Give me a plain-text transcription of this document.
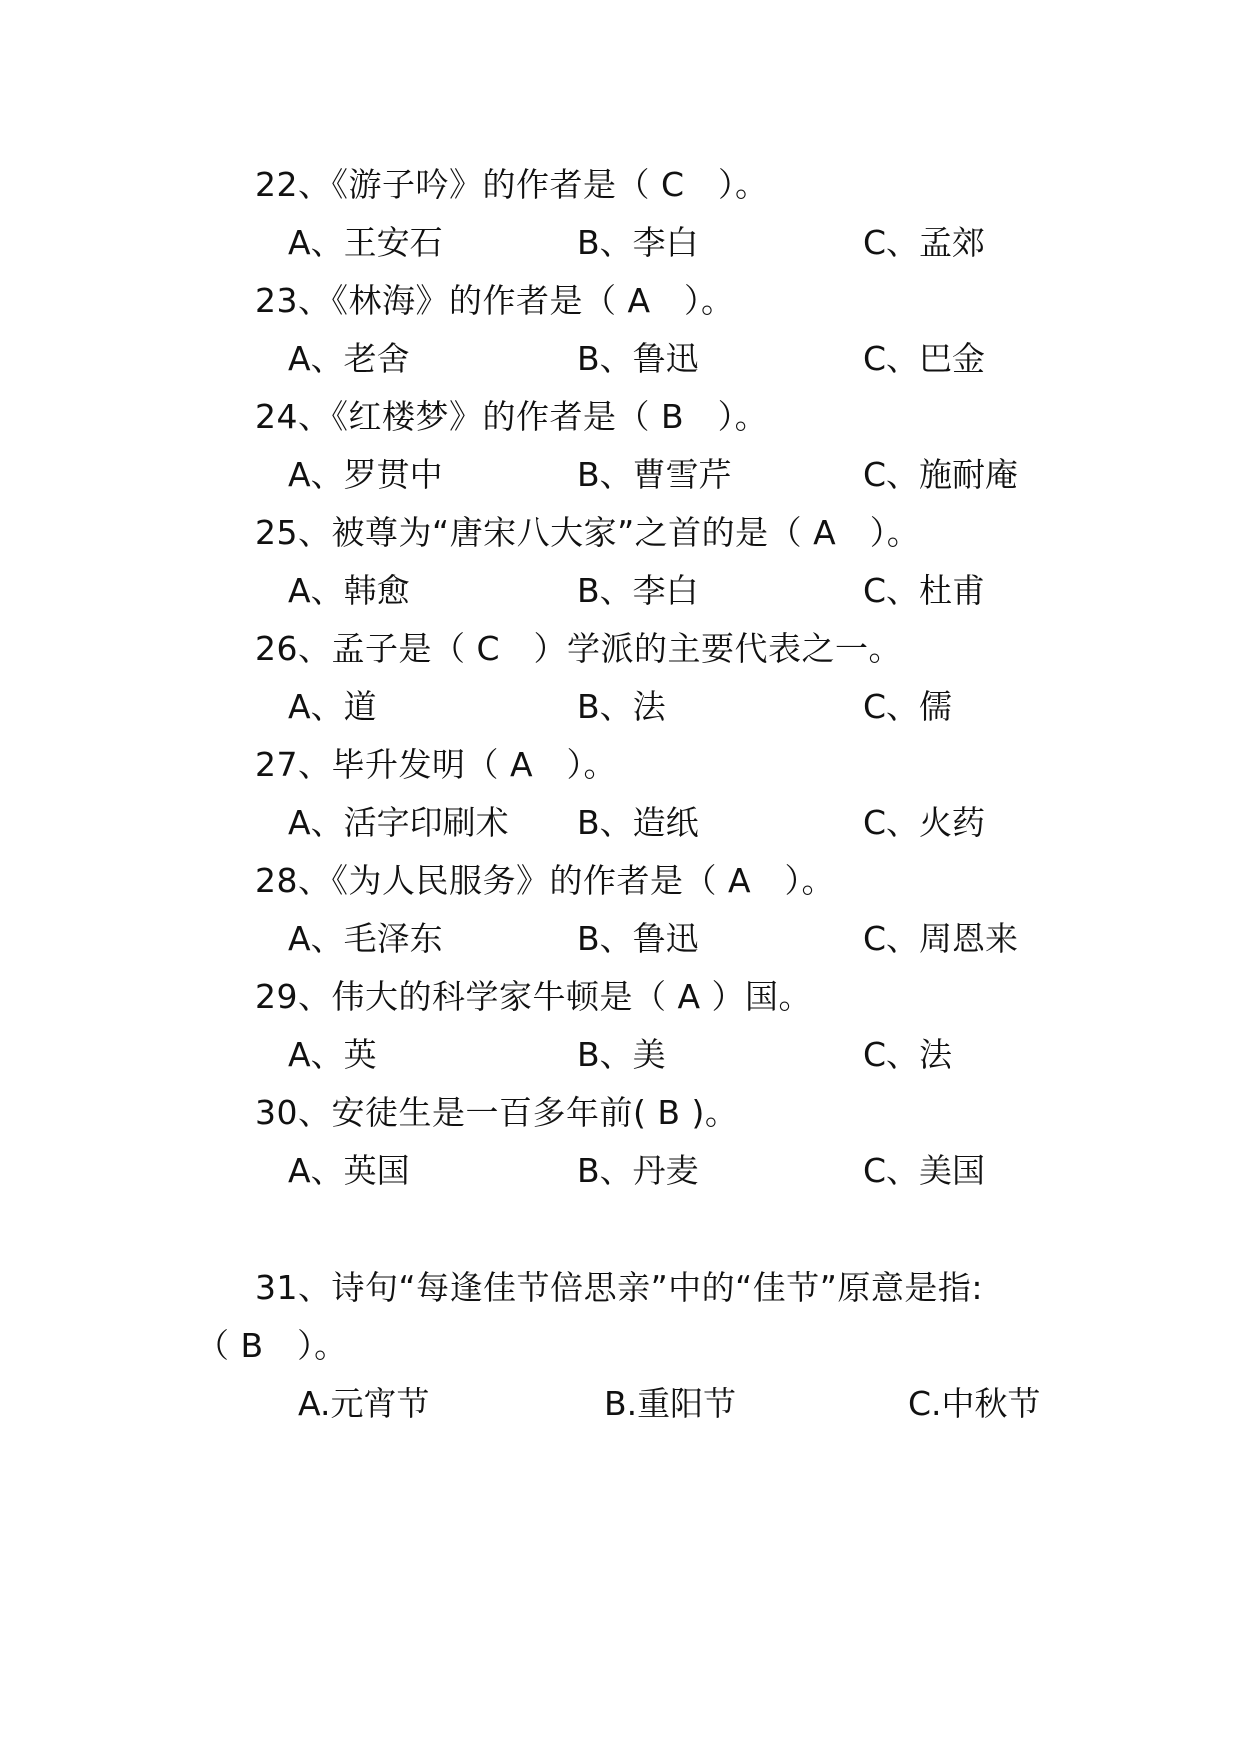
22、《游子吟》的作者是（ C　）。
A、王安石	B、李白	C、孟郊
23、《林海》的作者是（ A　）。
A、老舍	B、鲁迅	C、巴金
24、《红楼梦》的作者是（ B　）。
A、罗贯中	B、曹雪芹	C、施耐庵
25、被尊为“唐宋八大家”之首的是（ A　）。
A、韩愈	B、李白	C、杜甫
26、孟子是（ C　）学派的主要代表之一。
A、道	B、法	C、儒
27、毕升发明（ A　）。
A、活字印刷术 B、造纸	C、火药
28、《为人民服务》的作者是（ A　）。
A、毛泽东	B、鲁迅	C、周恩来
29、伟大的科学家牛顿是（ A ）国。
A、英	B、美	C、法
30、安徒生是一百多年前( B )。
A、英国	B、丹麦	C、美国
31、诗句“每逢佳节倍思亲”中的“佳节”原意是指:
（ B　）。
A.元宵节	B.重阳节	C.中秋节
